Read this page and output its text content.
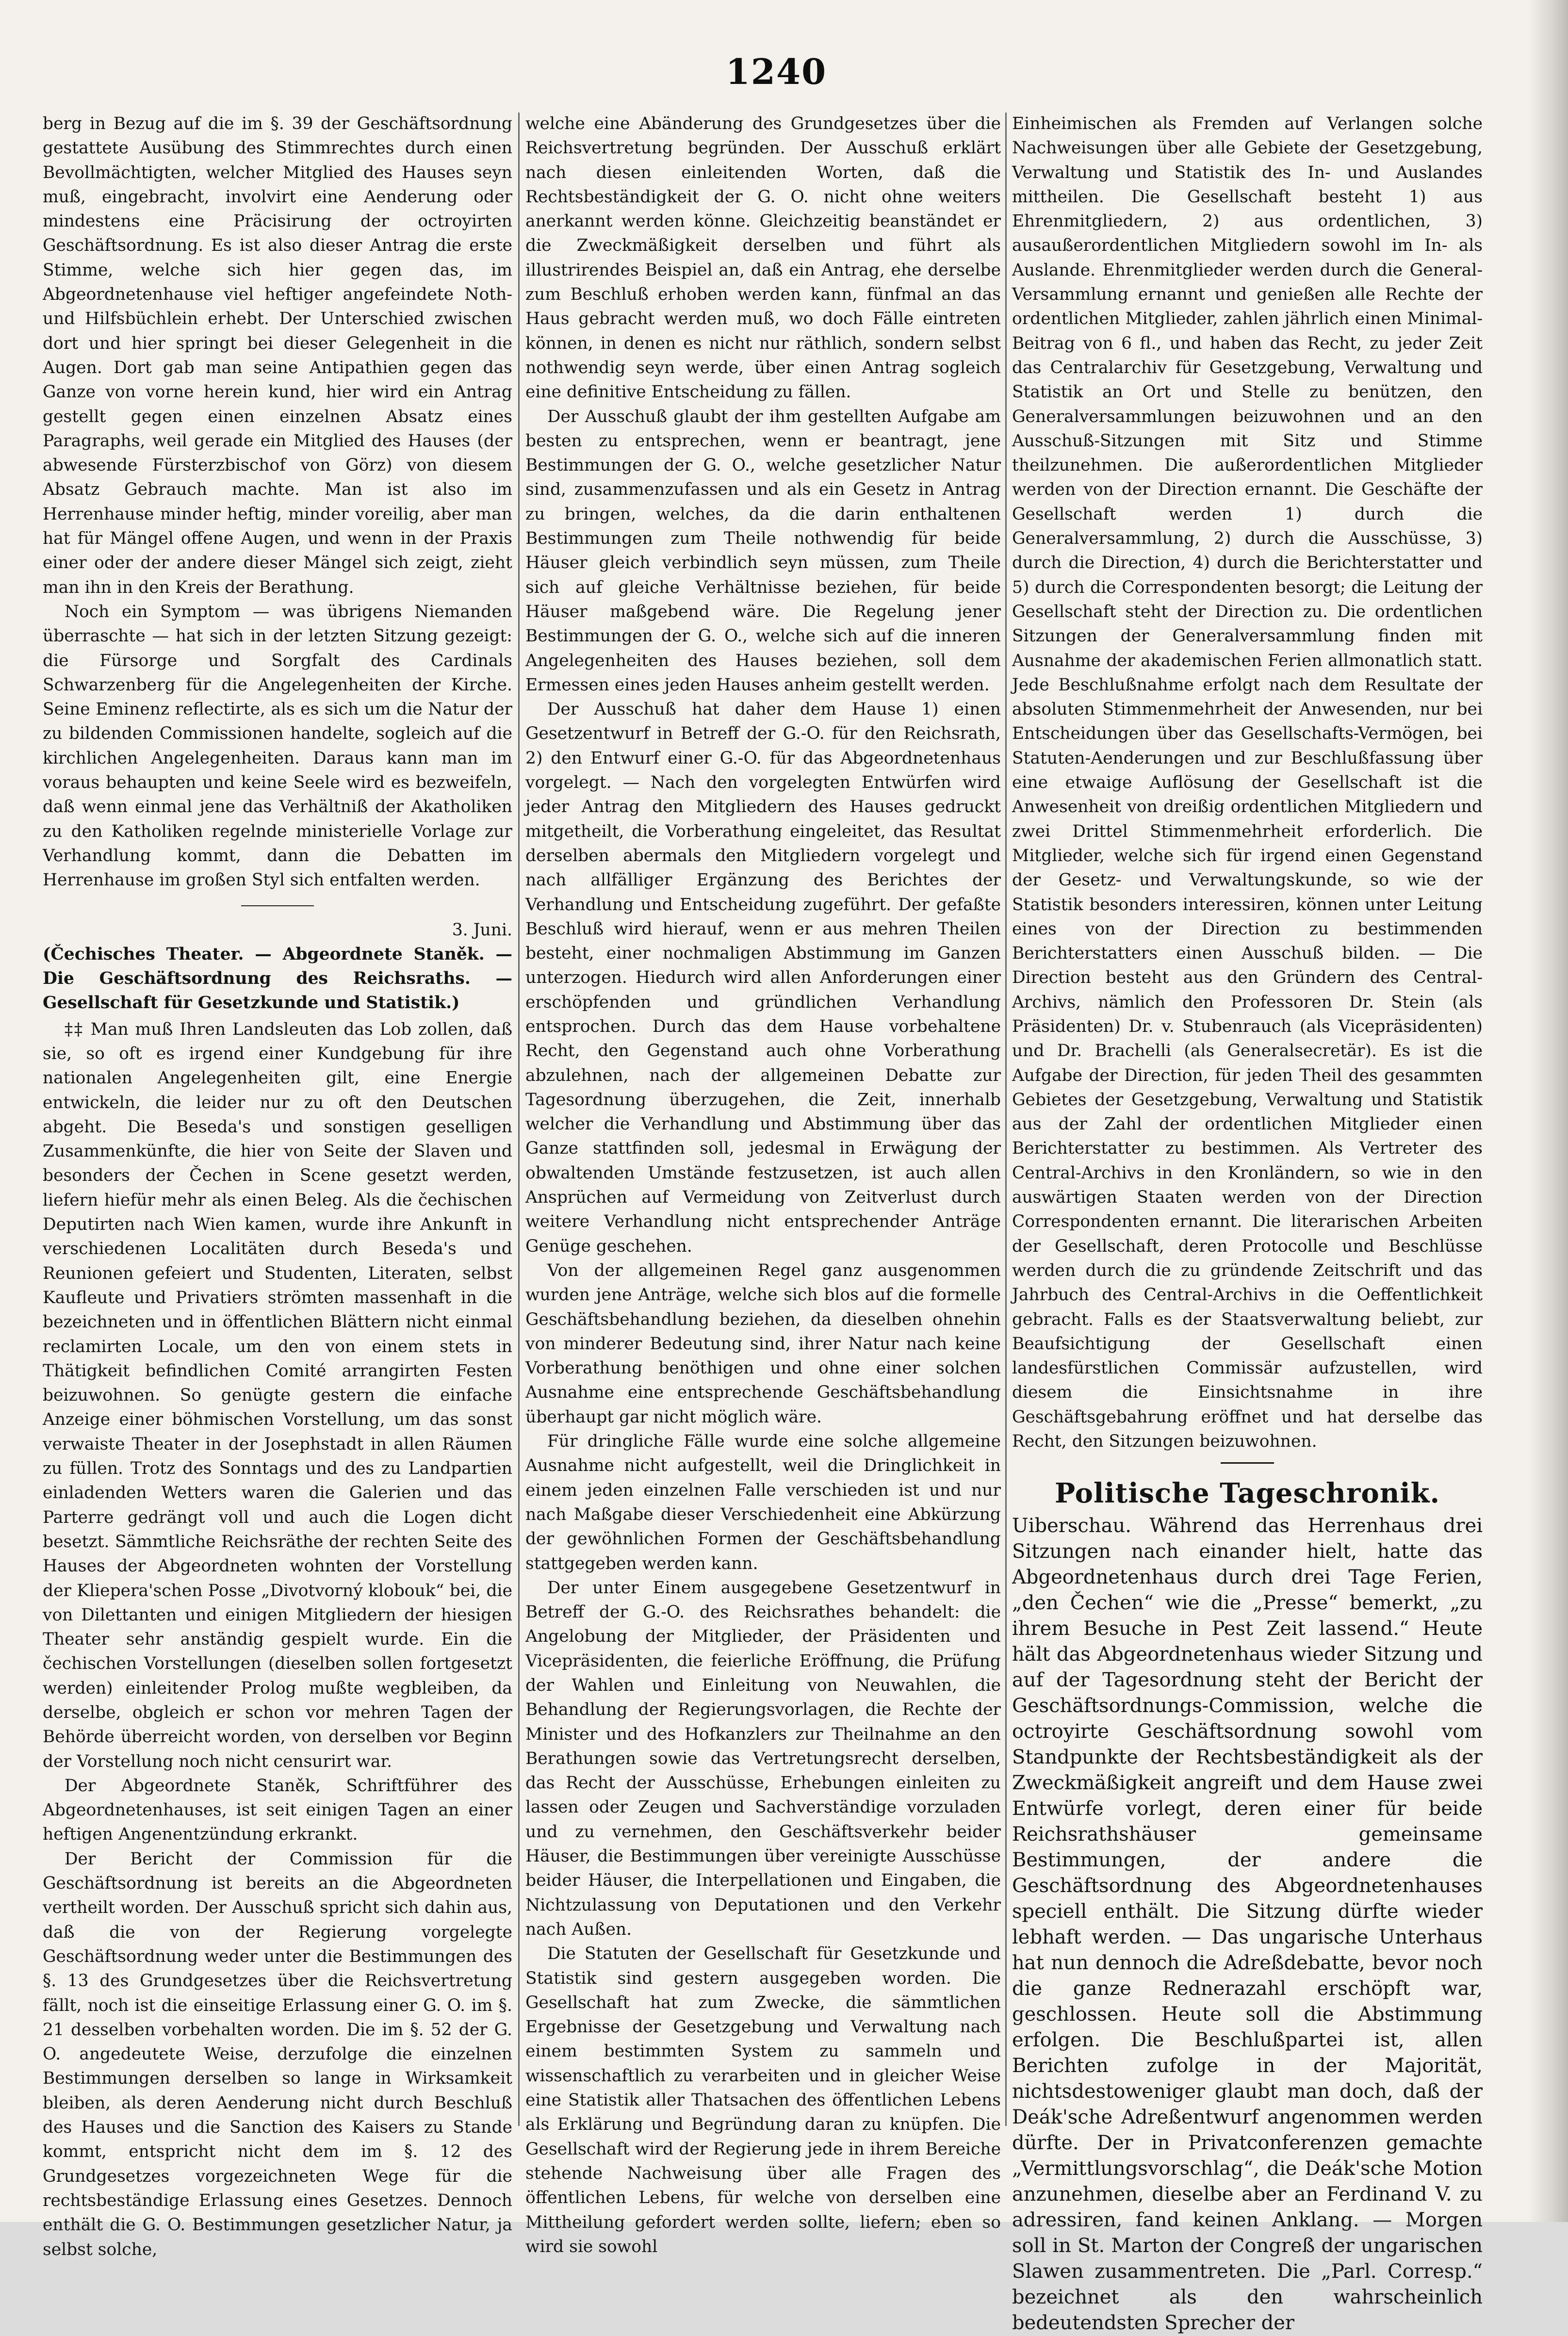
1240

berg in Bezug auf die im §. 39 der Geschäftsordnung gestattete Ausübung des Stimmrechtes durch einen Bevollmächtigten, welcher Mitglied des Hauses seyn muß, eingebracht, involvirt eine Aenderung oder mindestens eine Präcisirung der octroyirten Geschäftsordnung. Es ist also dieser Antrag die erste Stimme, welche sich hier gegen das, im Abgeordnetenhause viel heftiger angefeindete Noth- und Hilfsbüchlein erhebt. Der Unterschied zwischen dort und hier springt bei dieser Gelegenheit in die Augen. Dort gab man seine Antipathien gegen das Ganze von vorne herein kund, hier wird ein Antrag gestellt gegen einen einzelnen Absatz eines Paragraphs, weil gerade ein Mitglied des Hauses (der abwesende Fürsterzbischof von Görz) von diesem Absatz Gebrauch machte. Man ist also im Herrenhause minder heftig, minder voreilig, aber man hat für Mängel offene Augen, und wenn in der Praxis einer oder der andere dieser Mängel sich zeigt, zieht man ihn in den Kreis der Berathung.

Noch ein Symptom — was übrigens Niemanden überraschte — hat sich in der letzten Sitzung gezeigt: die Fürsorge und Sorgfalt des Cardinals Schwarzenberg für die Angelegenheiten der Kirche. Seine Eminenz reflectirte, als es sich um die Natur der zu bildenden Commissionen handelte, sogleich auf die kirchlichen Angelegenheiten. Daraus kann man im voraus behaupten und keine Seele wird es bezweifeln, daß wenn einmal jene das Verhältniß der Akatholiken zu den Katholiken regelnde ministerielle Vorlage zur Verhandlung kommt, dann die Debatten im Herrenhause im großen Styl sich entfalten werden.

3. Juni.

(Čechisches Theater. — Abgeordnete Staněk. — Die Geschäftsordnung des Reichsraths. — Gesellschaft für Gesetzkunde und Statistik.)

‡‡ Man muß Ihren Landsleuten das Lob zollen, daß sie, so oft es irgend einer Kundgebung für ihre nationalen Angelegenheiten gilt, eine Energie entwickeln, die leider nur zu oft den Deutschen abgeht. Die Beseda's und sonstigen geselligen Zusammenkünfte, die hier von Seite der Slaven und besonders der Čechen in Scene gesetzt werden, liefern hiefür mehr als einen Beleg. Als die čechischen Deputirten nach Wien kamen, wurde ihre Ankunft in verschiedenen Localitäten durch Beseda's und Reunionen gefeiert und Studenten, Literaten, selbst Kaufleute und Privatiers strömten massenhaft in die bezeichneten und in öffentlichen Blättern nicht einmal reclamirten Locale, um den von einem stets in Thätigkeit befindlichen Comité arrangirten Festen beizuwohnen. So genügte gestern die einfache Anzeige einer böhmischen Vorstellung, um das sonst verwaiste Theater in der Josephstadt in allen Räumen zu füllen. Trotz des Sonntags und des zu Landpartien einladenden Wetters waren die Galerien und das Parterre gedrängt voll und auch die Logen dicht besetzt. Sämmtliche Reichsräthe der rechten Seite des Hauses der Abgeordneten wohnten der Vorstellung der Kliepera'schen Posse „Divotvorný klobouk“ bei, die von Dilettanten und einigen Mitgliedern der hiesigen Theater sehr anständig gespielt wurde. Ein die čechischen Vorstellungen (dieselben sollen fortgesetzt werden) einleitender Prolog mußte wegbleiben, da derselbe, obgleich er schon vor mehren Tagen der Behörde überreicht worden, von derselben vor Beginn der Vorstellung noch nicht censurirt war.

Der Abgeordnete Staněk, Schriftführer des Abgeordnetenhauses, ist seit einigen Tagen an einer heftigen Angenentzündung erkrankt.

Der Bericht der Commission für die Geschäftsordnung ist bereits an die Abgeordneten vertheilt worden. Der Ausschuß spricht sich dahin aus, daß die von der Regierung vorgelegte Geschäftsordnung weder unter die Bestimmungen des §. 13 des Grundgesetzes über die Reichsvertretung fällt, noch ist die einseitige Erlassung einer G. O. im §. 21 desselben vorbehalten worden. Die im §. 52 der G. O. angedeutete Weise, derzufolge die einzelnen Bestimmungen derselben so lange in Wirksamkeit bleiben, als deren Aenderung nicht durch Beschluß des Hauses und die Sanction des Kaisers zu Stande kommt, entspricht nicht dem im §. 12 des Grundgesetzes vorgezeichneten Wege für die rechtsbeständige Erlassung eines Gesetzes. Dennoch enthält die G. O. Bestimmungen gesetzlicher Natur, ja selbst solche,

welche eine Abänderung des Grundgesetzes über die Reichsvertretung begründen. Der Ausschuß erklärt nach diesen einleitenden Worten, daß die Rechtsbeständigkeit der G. O. nicht ohne weiters anerkannt werden könne. Gleichzeitig beanständet er die Zweckmäßigkeit derselben und führt als illustrirendes Beispiel an, daß ein Antrag, ehe derselbe zum Beschluß erhoben werden kann, fünfmal an das Haus gebracht werden muß, wo doch Fälle eintreten können, in denen es nicht nur räthlich, sondern selbst nothwendig seyn werde, über einen Antrag sogleich eine definitive Entscheidung zu fällen.

Der Ausschuß glaubt der ihm gestellten Aufgabe am besten zu entsprechen, wenn er beantragt, jene Bestimmungen der G. O., welche gesetzlicher Natur sind, zusammenzufassen und als ein Gesetz in Antrag zu bringen, welches, da die darin enthaltenen Bestimmungen zum Theile nothwendig für beide Häuser gleich verbindlich seyn müssen, zum Theile sich auf gleiche Verhältnisse beziehen, für beide Häuser maßgebend wäre. Die Regelung jener Bestimmungen der G. O., welche sich auf die inneren Angelegenheiten des Hauses beziehen, soll dem Ermessen eines jeden Hauses anheim gestellt werden.

Der Ausschuß hat daher dem Hause 1) einen Gesetzentwurf in Betreff der G.-O. für den Reichsrath, 2) den Entwurf einer G.-O. für das Abgeordnetenhaus vorgelegt. — Nach den vorgelegten Entwürfen wird jeder Antrag den Mitgliedern des Hauses gedruckt mitgetheilt, die Vorberathung eingeleitet, das Resultat derselben abermals den Mitgliedern vorgelegt und nach allfälliger Ergänzung des Berichtes der Verhandlung und Entscheidung zugeführt. Der gefaßte Beschluß wird hierauf, wenn er aus mehren Theilen besteht, einer nochmaligen Abstimmung im Ganzen unterzogen. Hiedurch wird allen Anforderungen einer erschöpfenden und gründlichen Verhandlung entsprochen. Durch das dem Hause vorbehaltene Recht, den Gegenstand auch ohne Vorberathung abzulehnen, nach der allgemeinen Debatte zur Tagesordnung überzugehen, die Zeit, innerhalb welcher die Verhandlung und Abstimmung über das Ganze stattfinden soll, jedesmal in Erwägung der obwaltenden Umstände festzusetzen, ist auch allen Ansprüchen auf Vermeidung von Zeitverlust durch weitere Verhandlung nicht entsprechender Anträge Genüge geschehen.

Von der allgemeinen Regel ganz ausgenommen wurden jene Anträge, welche sich blos auf die formelle Geschäftsbehandlung beziehen, da dieselben ohnehin von minderer Bedeutung sind, ihrer Natur nach keine Vorberathung benöthigen und ohne einer solchen Ausnahme eine entsprechende Geschäftsbehandlung überhaupt gar nicht möglich wäre.

Für dringliche Fälle wurde eine solche allgemeine Ausnahme nicht aufgestellt, weil die Dringlichkeit in einem jeden einzelnen Falle verschieden ist und nur nach Maßgabe dieser Verschiedenheit eine Abkürzung der gewöhnlichen Formen der Geschäftsbehandlung stattgegeben werden kann.

Der unter Einem ausgegebene Gesetzentwurf in Betreff der G.-O. des Reichsrathes behandelt: die Angelobung der Mitglieder, der Präsidenten und Vicepräsidenten, die feierliche Eröffnung, die Prüfung der Wahlen und Einleitung von Neuwahlen, die Behandlung der Regierungsvorlagen, die Rechte der Minister und des Hofkanzlers zur Theilnahme an den Berathungen sowie das Vertretungsrecht derselben, das Recht der Ausschüsse, Erhebungen einleiten zu lassen oder Zeugen und Sachverständige vorzuladen und zu vernehmen, den Geschäftsverkehr beider Häuser, die Bestimmungen über vereinigte Ausschüsse beider Häuser, die Interpellationen und Eingaben, die Nichtzulassung von Deputationen und den Verkehr nach Außen.

Die Statuten der Gesellschaft für Gesetzkunde und Statistik sind gestern ausgegeben worden. Die Gesellschaft hat zum Zwecke, die sämmtlichen Ergebnisse der Gesetzgebung und Verwaltung nach einem bestimmten System zu sammeln und wissenschaftlich zu verarbeiten und in gleicher Weise eine Statistik aller Thatsachen des öffentlichen Lebens als Erklärung und Begründung daran zu knüpfen. Die Gesellschaft wird der Regierung jede in ihrem Bereiche stehende Nachweisung über alle Fragen des öffentlichen Lebens, für welche von derselben eine Mittheilung gefordert werden sollte, liefern; eben so wird sie sowohl

Einheimischen als Fremden auf Verlangen solche Nachweisungen über alle Gebiete der Gesetzgebung, Verwaltung und Statistik des In- und Auslandes mittheilen. Die Gesellschaft besteht 1) aus Ehrenmitgliedern, 2) aus ordentlichen, 3) ausaußerordentlichen Mitgliedern sowohl im In- als Auslande. Ehrenmitglieder werden durch die General-Versammlung ernannt und genießen alle Rechte der ordentlichen Mitglieder, zahlen jährlich einen Minimal-Beitrag von 6 fl., und haben das Recht, zu jeder Zeit das Centralarchiv für Gesetzgebung, Verwaltung und Statistik an Ort und Stelle zu benützen, den Generalversammlungen beizuwohnen und an den Ausschuß-Sitzungen mit Sitz und Stimme theilzunehmen. Die außerordentlichen Mitglieder werden von der Direction ernannt. Die Geschäfte der Gesellschaft werden 1) durch die Generalversammlung, 2) durch die Ausschüsse, 3) durch die Direction, 4) durch die Berichterstatter und 5) durch die Correspondenten besorgt; die Leitung der Gesellschaft steht der Direction zu. Die ordentlichen Sitzungen der Generalversammlung finden mit Ausnahme der akademischen Ferien allmonatlich statt. Jede Beschlußnahme erfolgt nach dem Resultate der absoluten Stimmenmehrheit der Anwesenden, nur bei Entscheidungen über das Gesellschafts-Vermögen, bei Statuten-Aenderungen und zur Beschlußfassung über eine etwaige Auflösung der Gesellschaft ist die Anwesenheit von dreißig ordentlichen Mitgliedern und zwei Drittel Stimmenmehrheit erforderlich. Die Mitglieder, welche sich für irgend einen Gegenstand der Gesetz- und Verwaltungskunde, so wie der Statistik besonders interessiren, können unter Leitung eines von der Direction zu bestimmenden Berichterstatters einen Ausschuß bilden. — Die Direction besteht aus den Gründern des Central-Archivs, nämlich den Professoren Dr. Stein (als Präsidenten) Dr. v. Stubenrauch (als Vicepräsidenten) und Dr. Brachelli (als Generalsecretär). Es ist die Aufgabe der Direction, für jeden Theil des gesammten Gebietes der Gesetzgebung, Verwaltung und Statistik aus der Zahl der ordentlichen Mitglieder einen Berichterstatter zu bestimmen. Als Vertreter des Central-Archivs in den Kronländern, so wie in den auswärtigen Staaten werden von der Direction Correspondenten ernannt. Die literarischen Arbeiten der Gesellschaft, deren Protocolle und Beschlüsse werden durch die zu gründende Zeitschrift und das Jahrbuch des Central-Archivs in die Oeffentlichkeit gebracht. Falls es der Staatsverwaltung beliebt, zur Beaufsichtigung der Gesellschaft einen landesfürstlichen Commissär aufzustellen, wird diesem die Einsichtsnahme in ihre Geschäftsgebahrung eröffnet und hat derselbe das Recht, den Sitzungen beizuwohnen.

Politische Tageschronik.

Uiberschau. Während das Herrenhaus drei Sitzungen nach einander hielt, hatte das Abgeordnetenhaus durch drei Tage Ferien, „den Čechen“ wie die „Presse“ bemerkt, „zu ihrem Besuche in Pest Zeit lassend.“ Heute hält das Abgeordnetenhaus wieder Sitzung und auf der Tagesordnung steht der Bericht der Geschäftsordnungs-Commission, welche die octroyirte Geschäftsordnung sowohl vom Standpunkte der Rechtsbeständigkeit als der Zweckmäßigkeit angreift und dem Hause zwei Entwürfe vorlegt, deren einer für beide Reichsrathshäuser gemeinsame Bestimmungen, der andere die Geschäftsordnung des Abgeordnetenhauses speciell enthält. Die Sitzung dürfte wieder lebhaft werden. — Das ungarische Unterhaus hat nun dennoch die Adreßdebatte, bevor noch die ganze Rednerazahl erschöpft war, geschlossen. Heute soll die Abstimmung erfolgen. Die Beschlußpartei ist, allen Berichten zufolge in der Majorität, nichtsdestoweniger glaubt man doch, daß der Deák'sche Adreßentwurf angenommen werden dürfte. Der in Privatconferenzen gemachte „Vermittlungsvorschlag“, die Deák'sche Motion anzunehmen, dieselbe aber an Ferdinand V. zu adressiren, fand keinen Anklang. — Morgen soll in St. Marton der Congreß der ungarischen Slawen zusammentreten. Die „Parl. Corresp.“ bezeichnet als den wahrscheinlich bedeutendsten Sprecher der
